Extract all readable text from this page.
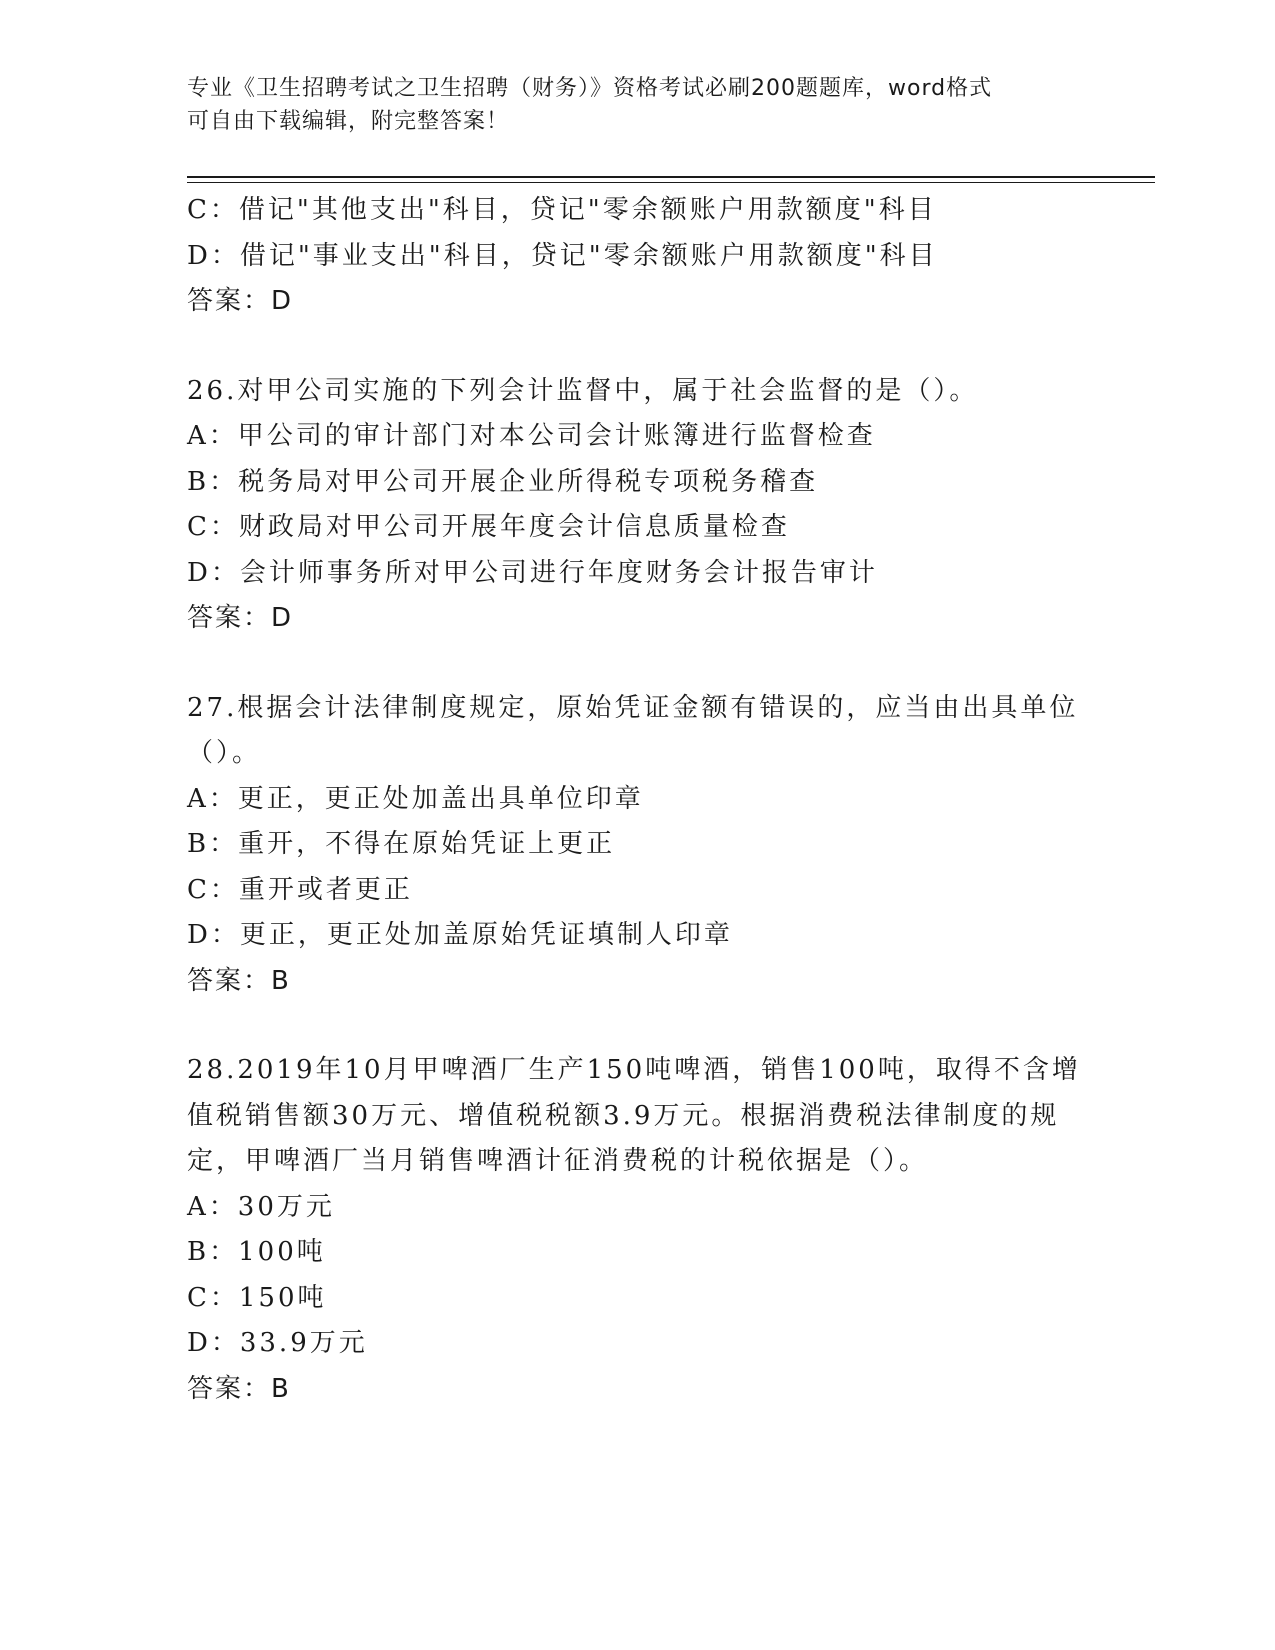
专业《卫生招聘考试之卫生招聘（财务）》资格考试必刷200题题库，word格式
可自由下载编辑，附完整答案！
C：借记"其他支出"科目，贷记"零余额账户用款额度"科目
D：借记"事业支出"科目，贷记"零余额账户用款额度"科目
答案：D
26.对甲公司实施的下列会计监督中，属于社会监督的是（）。
A：甲公司的审计部门对本公司会计账簿进行监督检查
B：税务局对甲公司开展企业所得税专项税务稽查
C：财政局对甲公司开展年度会计信息质量检查
D：会计师事务所对甲公司进行年度财务会计报告审计
答案：D
27.根据会计法律制度规定，原始凭证金额有错误的，应当由出具单位
（）。
A：更正，更正处加盖出具单位印章
B：重开，不得在原始凭证上更正
C：重开或者更正
D：更正，更正处加盖原始凭证填制人印章
答案：B
28.2019年10月甲啤酒厂生产150吨啤酒，销售100吨，取得不含增
值税销售额30万元、增值税税额3.9万元。根据消费税法律制度的规
定，甲啤酒厂当月销售啤酒计征消费税的计税依据是（）。
A：30万元
B：100吨
C：150吨
D：33.9万元
答案：B
